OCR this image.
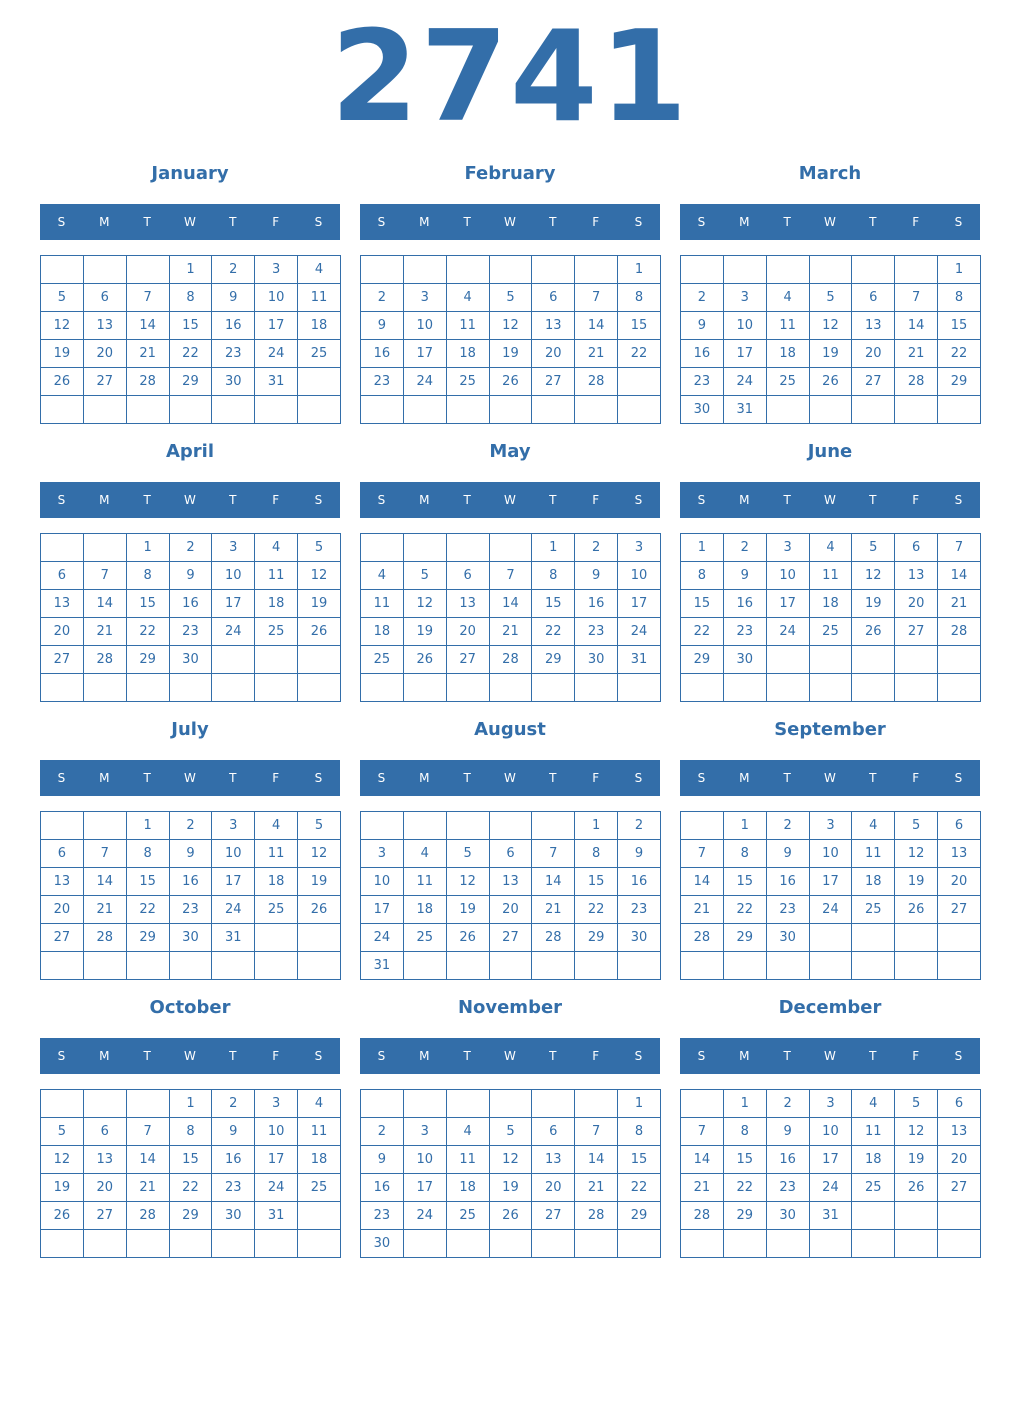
2741
January
S	M	T	W	T	F	S
			1	2	3	4
5	6	7	8	9	10	11
12	13	14	15	16	17	18
19	20	21	22	23	24	25
26	27	28	29	30	31	

February
S	M	T	W	T	F	S
						1
2	3	4	5	6	7	8
9	10	11	12	13	14	15
16	17	18	19	20	21	22
23	24	25	26	27	28	

March
S	M	T	W	T	F	S
						1
2	3	4	5	6	7	8
9	10	11	12	13	14	15
16	17	18	19	20	21	22
23	24	25	26	27	28	29
30	31					
April
S	M	T	W	T	F	S
		1	2	3	4	5
6	7	8	9	10	11	12
13	14	15	16	17	18	19
20	21	22	23	24	25	26
27	28	29	30			

May
S	M	T	W	T	F	S
				1	2	3
4	5	6	7	8	9	10
11	12	13	14	15	16	17
18	19	20	21	22	23	24
25	26	27	28	29	30	31

June
S	M	T	W	T	F	S
1	2	3	4	5	6	7
8	9	10	11	12	13	14
15	16	17	18	19	20	21
22	23	24	25	26	27	28
29	30					

July
S	M	T	W	T	F	S
		1	2	3	4	5
6	7	8	9	10	11	12
13	14	15	16	17	18	19
20	21	22	23	24	25	26
27	28	29	30	31		

August
S	M	T	W	T	F	S
					1	2
3	4	5	6	7	8	9
10	11	12	13	14	15	16
17	18	19	20	21	22	23
24	25	26	27	28	29	30
31						
September
S	M	T	W	T	F	S
	1	2	3	4	5	6
7	8	9	10	11	12	13
14	15	16	17	18	19	20
21	22	23	24	25	26	27
28	29	30				

October
S	M	T	W	T	F	S
			1	2	3	4
5	6	7	8	9	10	11
12	13	14	15	16	17	18
19	20	21	22	23	24	25
26	27	28	29	30	31	

November
S	M	T	W	T	F	S
						1
2	3	4	5	6	7	8
9	10	11	12	13	14	15
16	17	18	19	20	21	22
23	24	25	26	27	28	29
30						
December
S	M	T	W	T	F	S
	1	2	3	4	5	6
7	8	9	10	11	12	13
14	15	16	17	18	19	20
21	22	23	24	25	26	27
28	29	30	31			
